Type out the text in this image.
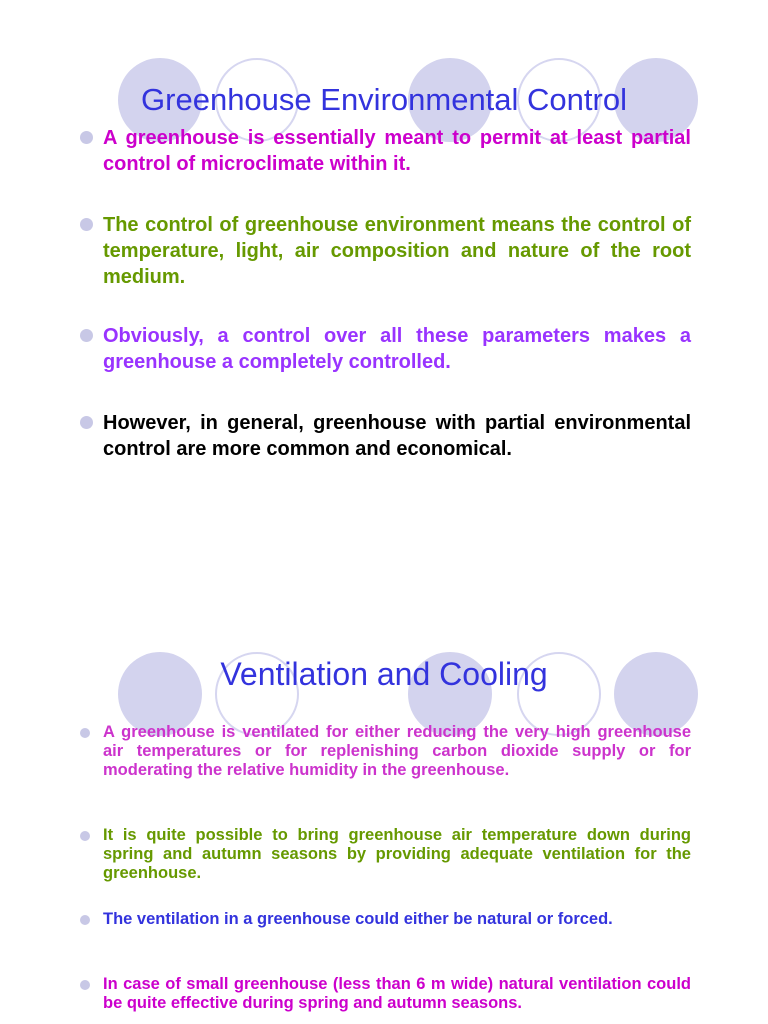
Greenhouse Environmental Control

A greenhouse is essentially meant to permit at least partial control of microclimate within it.

The control of greenhouse environment means the control of temperature, light, air composition and nature of the root medium.

Obviously, a control over all these parameters makes a greenhouse a completely controlled.

However, in general, greenhouse with partial environmental control are more common and economical.

Ventilation and Cooling

A greenhouse is ventilated for either reducing the very high greenhouse air temperatures or for replenishing carbon dioxide supply or for moderating the relative humidity in the greenhouse.

It is quite possible to bring greenhouse air temperature down during spring and autumn seasons by providing adequate ventilation for the greenhouse.

The ventilation in a greenhouse could either be natural or forced.

In case of small greenhouse (less than 6 m wide) natural ventilation could be quite effective during spring and autumn seasons.
